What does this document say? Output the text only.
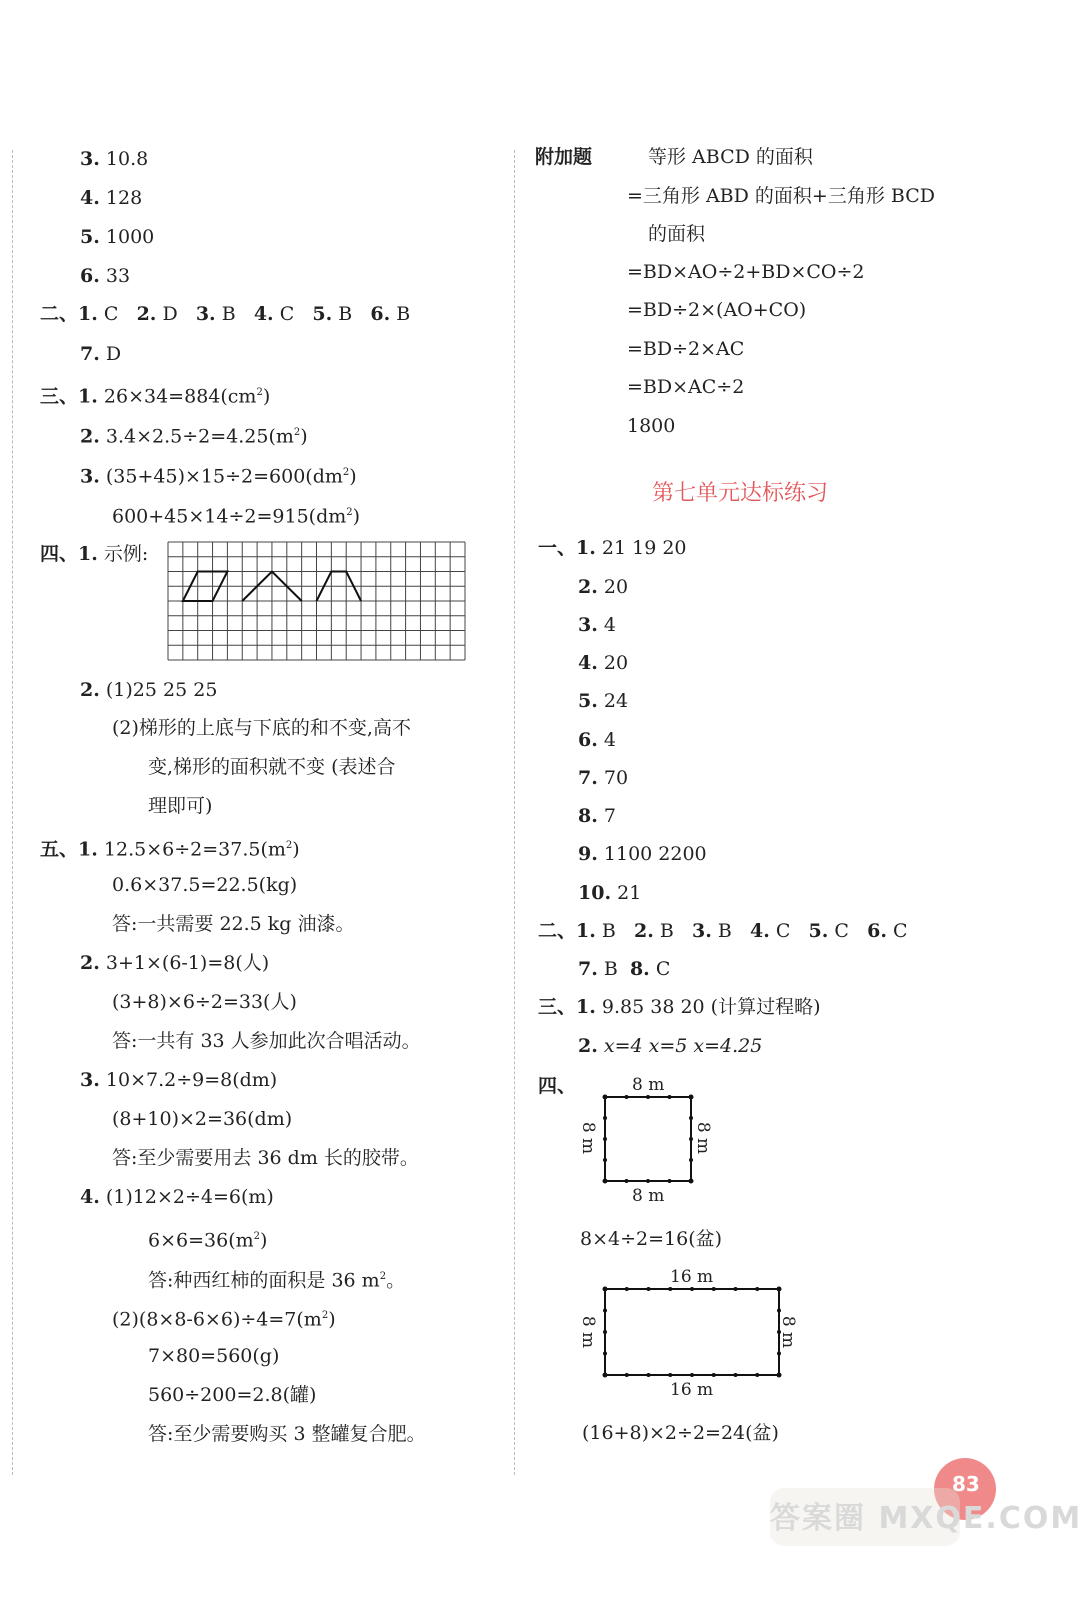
3. 10.8
4. 128
5. 1000
6. 33
二、1. C 2. D 3. B 4. C 5. B 6. B
7. D
三、1. $26\times 34=884(cm^2)$
2. $3.4\times 2.5\div 2=4.25(m^2)$
3. $(35+45)\times 15\div 2=600(dm^2)$
$600+45\times 14\div 2=915(dm^2)$
四、1. 示例:
2. (1)25 25 25
(2)梯形的上底与下底的和不变,高不
变,梯形的面积就不变 (表述合
理即可)
五、1. $12.5\times 6\div 2=37.5(m^2)$
0.6×37.5=22.5(kg)
答:一共需要 22.5 kg 油漆。
2. 3+1×(6-1)=8(人)
(3+8)×6÷2=33(人)
答:一共有 33 人参加此次合唱活动。
3. 10×7.2÷9=8(dm)
(8+10)×2=36(dm)
答:至少需要用去 36 dm 长的胶带。
4. (1)12×2÷4=6(m)
$6\times 6=36(m^2)$
答:种西红柿的面积是 36 $m^2$。
$(2)(8\times 8-6\times 6)\div 4=7(m^2)$
7×80=560(g)
560÷200=2.8(罐)
答:至少需要购买 3 整罐复合肥。
附加题	等形 ABCD 的面积
=三角形 ABD 的面积+三角形 BCD
的面积
=BD×AO÷2+BD×CO÷2
=BD÷2×(AO+CO)
=BD÷2×AC
=BD×AC÷2
1800
第七单元达标练习
一、1. 21 19 20
2. 20
3. 4
4. 20
5. 24
6. 4
7. 70
8. 7
9. 1100 2200
10. 21
二、1. B 2. B 3. B 4. C 5. C 6. C
7. B 8. C
三、1. 9.85 38 20 (计算过程略)
2. x=4 x=5 x=4.25
四、	8 m
8 m	8 m
8 m
8×4÷2=16(盆)
16 m
8 m	8 m
16 m
(16+8)×2÷2=24(盆)
83
答案圈 MXQE.COM
